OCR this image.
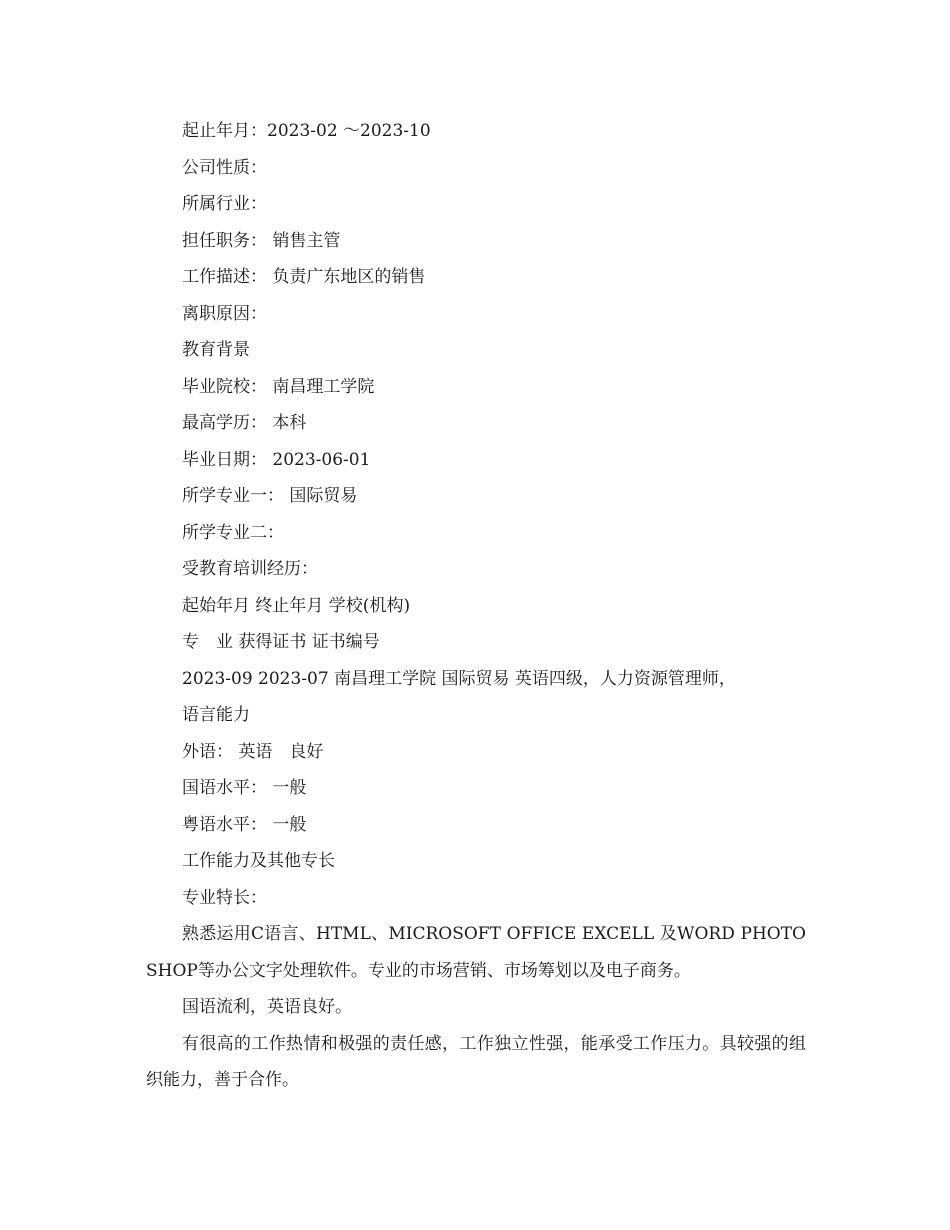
起止年月：2023-02 ～2023-10
公司性质：
所属行业：
担任职务： 销售主管
工作描述： 负责广东地区的销售
离职原因：
教育背景
毕业院校： 南昌理工学院
最高学历： 本科
毕业日期： 2023-06-01
所学专业一： 国际贸易
所学专业二：
受教育培训经历：
起始年月 终止年月 学校(机构)
专　业 获得证书 证书编号
2023-09 2023-07 南昌理工学院 国际贸易 英语四级，人力资源管理师，
语言能力
外语： 英语　良好
国语水平： 一般
粤语水平： 一般
工作能力及其他专长
专业特长：
熟悉运用C语言、HTML、MICROSOFT OFFICE EXCELL 及WORD PHOTOSHOP等办公文字处理软件。专业的市场营销、市场筹划以及电子商务。
国语流利，英语良好。
有很高的工作热情和极强的责任感，工作独立性强，能承受工作压力。具较强的组织能力，善于合作。
